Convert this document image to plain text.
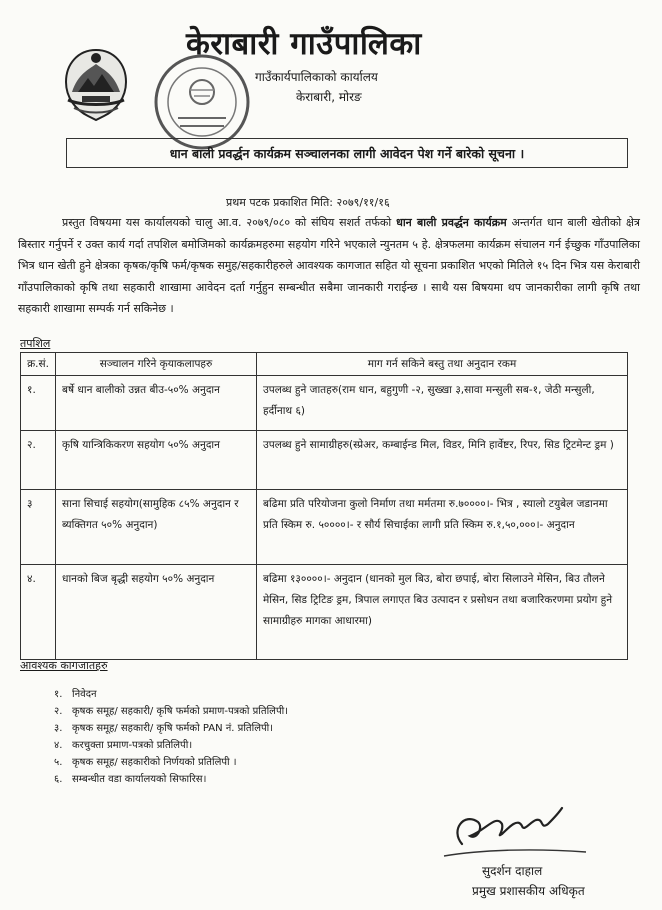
केराबारी गाउँपालिका
गाउँकार्यपालिकाको कार्यालय
केराबारी, मोरङ
धान बाली प्रवर्द्धन कार्यक्रम सञ्चालनका लागी आवेदन पेश गर्ने बारेको सूचना ।
प्रथम पटक प्रकाशित मिति: २०७९/११/१६
प्रस्तुत विषयमा यस कार्यालयको चालु आ.व. २०७९/०८० को संघिय सशर्त तर्फको धान बाली प्रवर्द्धन कार्यक्रम अन्तर्गत धान बाली खेतीको क्षेत्र बिस्तार गर्नुपर्ने र उक्त कार्य गर्दा तपशिल बमोजिमको कार्यक्रमहरुमा सहयोग गरिने भएकाले न्युनतम ५ हे. क्षेत्रफलमा कार्यक्रम संचालन गर्न ईच्छुक गाँउपालिका भित्र धान खेती हुने क्षेत्रका कृषक/कृषि फर्म/कृषक समुह/सहकारीहरुले आवश्यक कागजात सहित यो सूचना प्रकाशित भएको मितिले १५ दिन भित्र यस केराबारी गाँउपालिकाको कृषि तथा सहकारी शाखामा आवेदन दर्ता गर्नुहुन सम्बन्धीत सबैमा जानकारी गराईन्छ । साथै यस बिषयमा थप जानकारीका लागी कृषि तथा सहकारी शाखामा सम्पर्क गर्न सकिनेछ ।
तपशिल
क्र.सं.	सञ्चालन गरिने कृयाकलापहरु	माग गर्न सकिने बस्तु तथा अनुदान रकम
१.	बर्षे धान बालीको उन्नत बीउ-५०% अनुदान	उपलब्ध हुने जातहरु(राम धान, बहुगुणी -२, सुख्खा ३,सावा मन्सुली सब-१, जेठी मन्सुली, हर्दीनाथ ६)
२.	कृषि यान्त्रिकिकरण सहयोग ५०% अनुदान	उपलब्ध हुने सामाग्रीहरु(स्प्रेअर, कम्बाईन्ड मिल, विडर, मिनि हार्वेष्टर, रिपर, सिड ट्रिटमेन्ट ड्रम )
३	साना सिचाई सहयोग(सामुहिक ८५% अनुदान र ब्यक्तिगत ५०% अनुदान)	बढिमा प्रति परियोजना कुलो निर्माण तथा मर्मतमा रु.७००००।- भित्र , स्यालो टयुबेल जडानमा प्रति स्किम रु. ५००००।- र सौर्य सिचाईका लागी प्रति स्किम रु.१,५०,०००।- अनुदान
४.	धानको बिज बृद्धी सहयोग ५०% अनुदान	बढिमा १३००००।- अनुदान (धानको मुल बिउ, बोरा छपाई, बोरा सिलाउने मेसिन, बिउ तौलने मेसिन, सिड ट्रिटिङ ड्रम, त्रिपाल लगाएत बिउ उत्पादन र प्रसोधन तथा बजारिकरणमा प्रयोग हुने सामाग्रीहरु मागका आधारमा)
आवश्यक कागजातहरु
१. निवेदन
२. कृषक समूह/ सहकारी/ कृषि फर्मको प्रमाण-पत्रको प्रतिलिपी।
३. कृषक समूह/ सहकारी/ कृषि फर्मको PAN नं. प्रतिलिपी।
४. करचुक्ता प्रमाण-पत्रको प्रतिलिपी।
५. कृषक समूह/ सहकारीको निर्णयको प्रतिलिपी ।
६. सम्बन्धीत वडा कार्यालयको सिफारिस।
सुदर्शन दाहाल
प्रमुख प्रशासकीय अधिकृत
